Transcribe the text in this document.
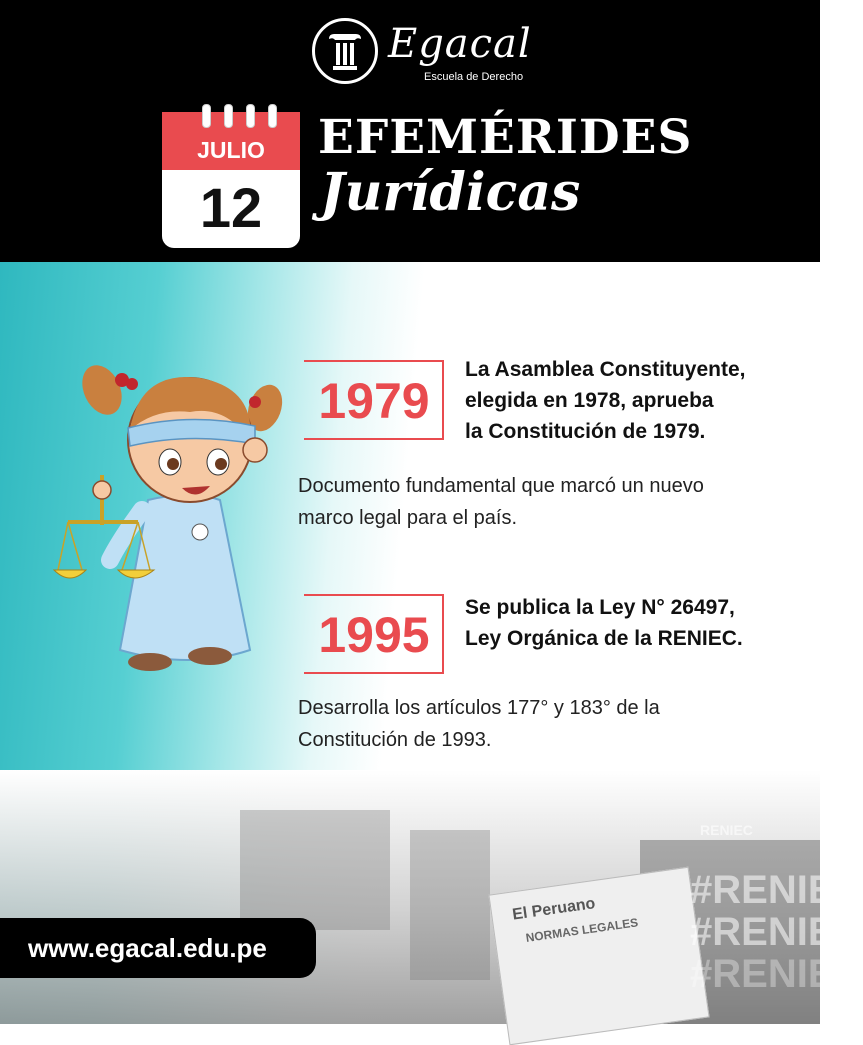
El Peruano
NORMAS LEGALES
RENIEC
#RENIEC
#RENIEC
#RENIEC
Egacal
Escuela de Derecho
JULIO
12
EFEMÉRIDES
Jurídicas
1979
La Asamblea Constituyente,
elegida en 1978, aprueba
la Constitución de 1979.
Documento fundamental que marcó un nuevo
marco legal para el país.
1995	Se publica la Ley N° 26497,
Ley Orgánica de la RENIEC.
Desarrolla los artículos 177° y 183° de la
Constitución de 1993.
www.egacal.edu.pe
